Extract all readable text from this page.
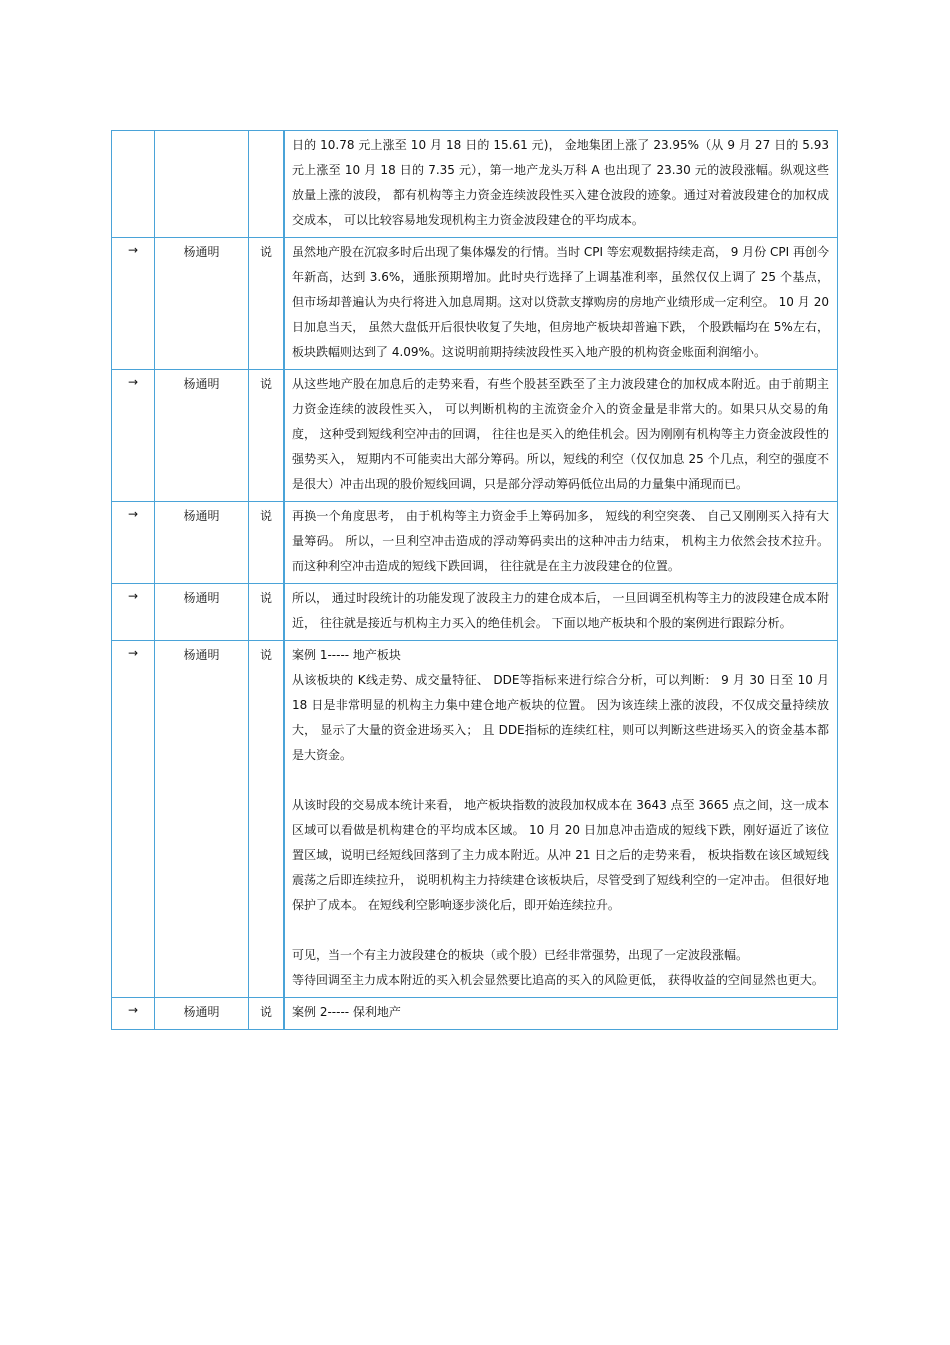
			日的 10.78 元上涨至 10 月 18 日的 15.61 元)， 金地集团上涨了 23.95%（从 9 月 27 日的 5.93 元上涨至 10 月 18 日的 7.35 元），第一地产龙头万科 A 也出现了 23.30 元的波段涨幅。纵观这些放量上涨的波段， 都有机构等主力资金连续波段性买入建仓波段的迹象。通过对着波段建仓的加权成交成本， 可以比较容易地发现机构主力资金波段建仓的平均成本。

→	杨通明	说	虽然地产股在沉寂多时后出现了集体爆发的行情。当时 CPI 等宏观数据持续走高， 9 月份 CPI 再创今年新高，达到 3.6%，通胀预期增加。此时央行选择了上调基准利率，虽然仅仅上调了 25 个基点，但市场却普遍认为央行将进入加息周期。这对以贷款支撑购房的房地产业绩形成一定利空。 10 月 20 日加息当天， 虽然大盘低开后很快收复了失地，但房地产板块却普遍下跌， 个股跌幅均在 5%左右， 板块跌幅则达到了 4.09%。这说明前期持续波段性买入地产股的机构资金账面利润缩小。

→	杨通明	说	从这些地产股在加息后的走势来看，有些个股甚至跌至了主力波段建仓的加权成本附近。由于前期主力资金连续的波段性买入， 可以判断机构的主流资金介入的资金量是非常大的。如果只从交易的角度， 这种受到短线利空冲击的回调， 往往也是买入的绝佳机会。因为刚刚有机构等主力资金波段性的强势买入， 短期内不可能卖出大部分筹码。所以，短线的利空（仅仅加息 25 个几点，利空的强度不是很大）冲击出现的股价短线回调，只是部分浮动筹码低位出局的力量集中涌现而已。

→	杨通明	说	再换一个角度思考， 由于机构等主力资金手上筹码加多， 短线的利空突袭、 自己又刚刚买入持有大量筹码。 所以，一旦利空冲击造成的浮动筹码卖出的这种冲击力结束， 机构主力依然会技术拉升。 而这种利空冲击造成的短线下跌回调， 往往就是在主力波段建仓的位置。

→	杨通明	说	所以， 通过时段统计的功能发现了波段主力的建仓成本后， 一旦回调至机构等主力的波段建仓成本附近， 往往就是接近与机构主力买入的绝佳机会。 下面以地产板块和个股的案例进行跟踪分析。

→	杨通明	说	案例 1----- 地产板块

从该板块的 K线走势、成交量特征、 DDE等指标来进行综合分析，可以判断： 9 月 30 日至 10 月 18 日是非常明显的机构主力集中建仓地产板块的位置。 因为该连续上涨的波段，不仅成交量持续放大， 显示了大量的资金进场买入； 且 DDE指标的连续红柱，则可以判断这些进场买入的资金基本都是大资金。

从该时段的交易成本统计来看， 地产板块指数的波段加权成本在 3643 点至 3665 点之间，这一成本区域可以看做是机构建仓的平均成本区域。 10 月 20 日加息冲击造成的短线下跌，刚好逼近了该位置区域，说明已经短线回落到了主力成本附近。从冲 21 日之后的走势来看， 板块指数在该区域短线震荡之后即连续拉升， 说明机构主力持续建仓该板块后，尽管受到了短线利空的一定冲击。 但很好地保护了成本。 在短线利空影响逐步淡化后，即开始连续拉升。

可见，当一个有主力波段建仓的板块（或个股）已经非常强势，出现了一定波段涨幅。

等待回调至主力成本附近的买入机会显然要比追高的买入的风险更低， 获得收益的空间显然也更大。

→	杨通明	说	案例 2----- 保利地产
